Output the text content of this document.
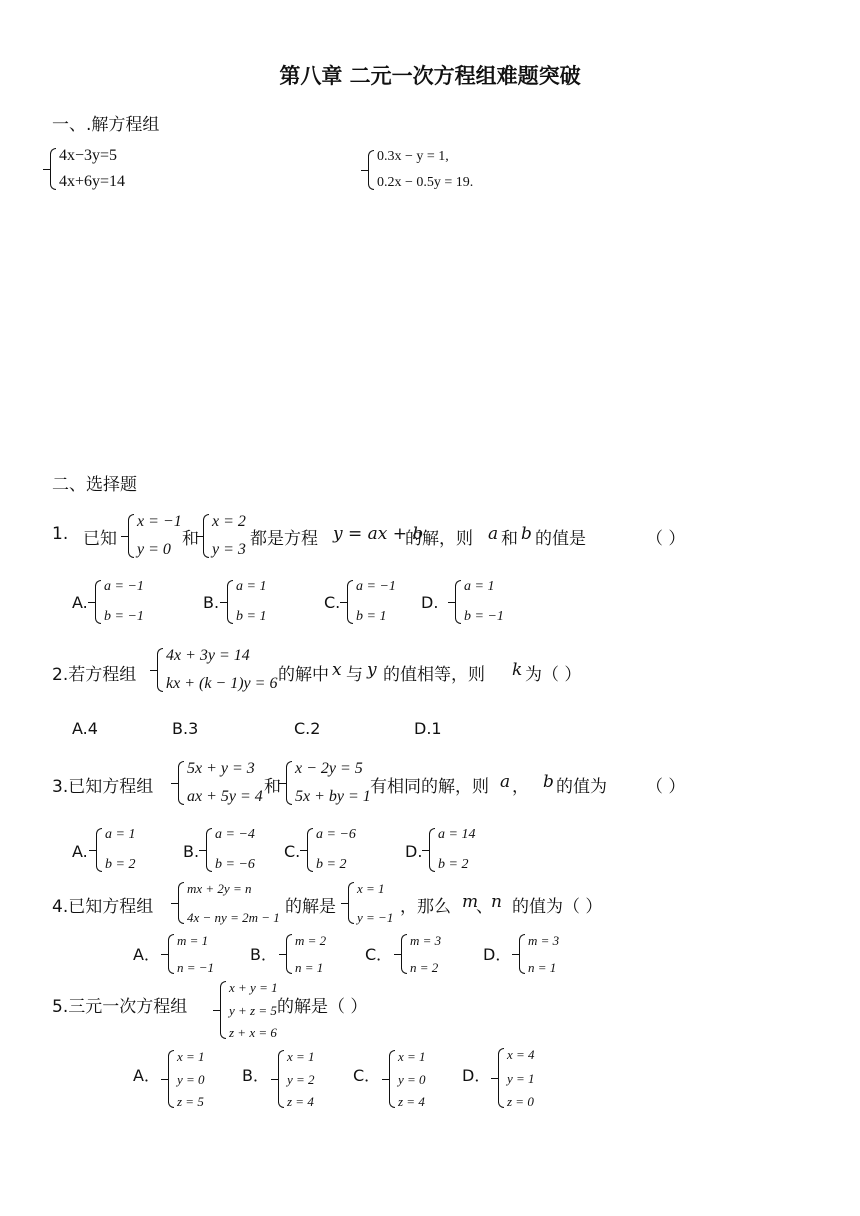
第八章 二元一次方程组难题突破
一、.解方程组
4x−3y=5
4x+6y=14
0.3x − y = 1,
0.2x − 0.5y = 19.
二、选择题
1. 已知
x = −1
y = 0
和
x = 2
y = 3
都是方程 y = ax + b
的解，则 a 和 b 的值是	（ ）
A.
a = −1
b = −1
B.
a = 1
b = 1
C.
a = −1
b = 1
D.
a = 1
b = −1
2.若方程组
4x + 3y = 14
kx + (k − 1)y = 6 的解中 x 与 y 的值相等，则 k 为（ ）
A.4	B.3	C.2	D.1
3.已知方程组
5x + y = 3
ax + 5y = 4 和
x − 2y = 5
5x + by = 1 有相同的解，则 a ， b 的值为 （ ）
A.
a = 1
b = 2
B.
a = −4
b = −6
C.
a = −6
b = 2
D.
a = 14
b = 2
4.已知方程组
mx + 2y = n
4x − ny = 2m − 1
的解是
x = 1
y = −1
，那么 m
、
n 的值为（ ）
A．
m = 1
n = −1
B．
m = 2
n = 1
C．
m = 3
n = 2
D．
m = 3
n = 1
5.三元一次方程组
x + y = 1
y + z = 5
z + x = 6
的解是（ ）
A．
x = 1
y = 0
z = 5
B．
x = 1
y = 2
z = 4
C．
x = 1
y = 0
z = 4
D．
x = 4
y = 1
z = 0
